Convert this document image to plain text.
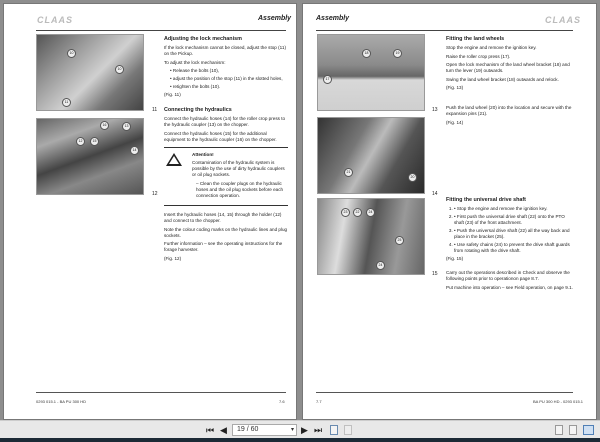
CLAAS	Assembly
10
10
11
11
16	13
12	15
14
12
Adjusting the lock mechanism

If the lock mechanism cannot be closed, adjust the stop (11) on the Pickup.

To adjust the lock mechanism:

• Release the bolts (10),
• adjust the position of the stop (11) in the slotted holes,
• retighten the bolts (10).

(Fig. 11)

Connecting the hydraulics

Connect the hydraulic hoses (14) for the roller crop press to the hydraulic coupler (13) on the chopper.

Connect the hydraulic hoses (15) for the additional equipment to the hydraulic coupler (16) on the chopper.

Attention!

Contamination of the hydraulic system is possible by the use of dirty hydraulic couplers or oil plug sockets.

– Clean the coupler plugs on the hydraulic hoses and the oil plug sockets before each connection operation.

Insert the hydraulic hoses (14, 15) through the holder (12) and connect to the chopper.

Note the colour coding marks on the hydraulic lines and plug sockets.

Further information – see the operating instructions for the forage harvester.

(Fig. 12)

0293 015.1 - BA PU 300 HD	7.6
Assembly	CLAAS
18	19
17
13
21
20
14
23	22	24
25
24
15
Fitting the land wheels

Stop the engine and remove the ignition key.

Raise the roller crop press (17).

Open the lock mechanism of the land wheel bracket (18) and turn the lever (19) outwards.

Swing the land wheel bracket (18) outwards and relock.

(Fig. 13)

Push the land wheel (20) into the location and secure with the expansion pins (21).

(Fig. 14)

Fitting the universal drive shaft
• 1. Stop the engine and remove the ignition key.
• 2. First push the universal drive shaft (22) onto the PTO shaft (23) of the front attachment.
• 3. Push the universal drive shaft (22) all the way back and place in the bracket (25).
• 4. Use safety chains (24) to prevent the drive shaft guards from rotating with the drive shaft.

(Fig. 15)

Carry out the operations described in Check and observe the following points prior to operationon page 8.7.

Put machine into operation – see Field operation, on page 9.1.

7.7	BA PU 300 HD - 0293 015.1
⏮ ◀	19 / 60	▾ ▶ ⏭
